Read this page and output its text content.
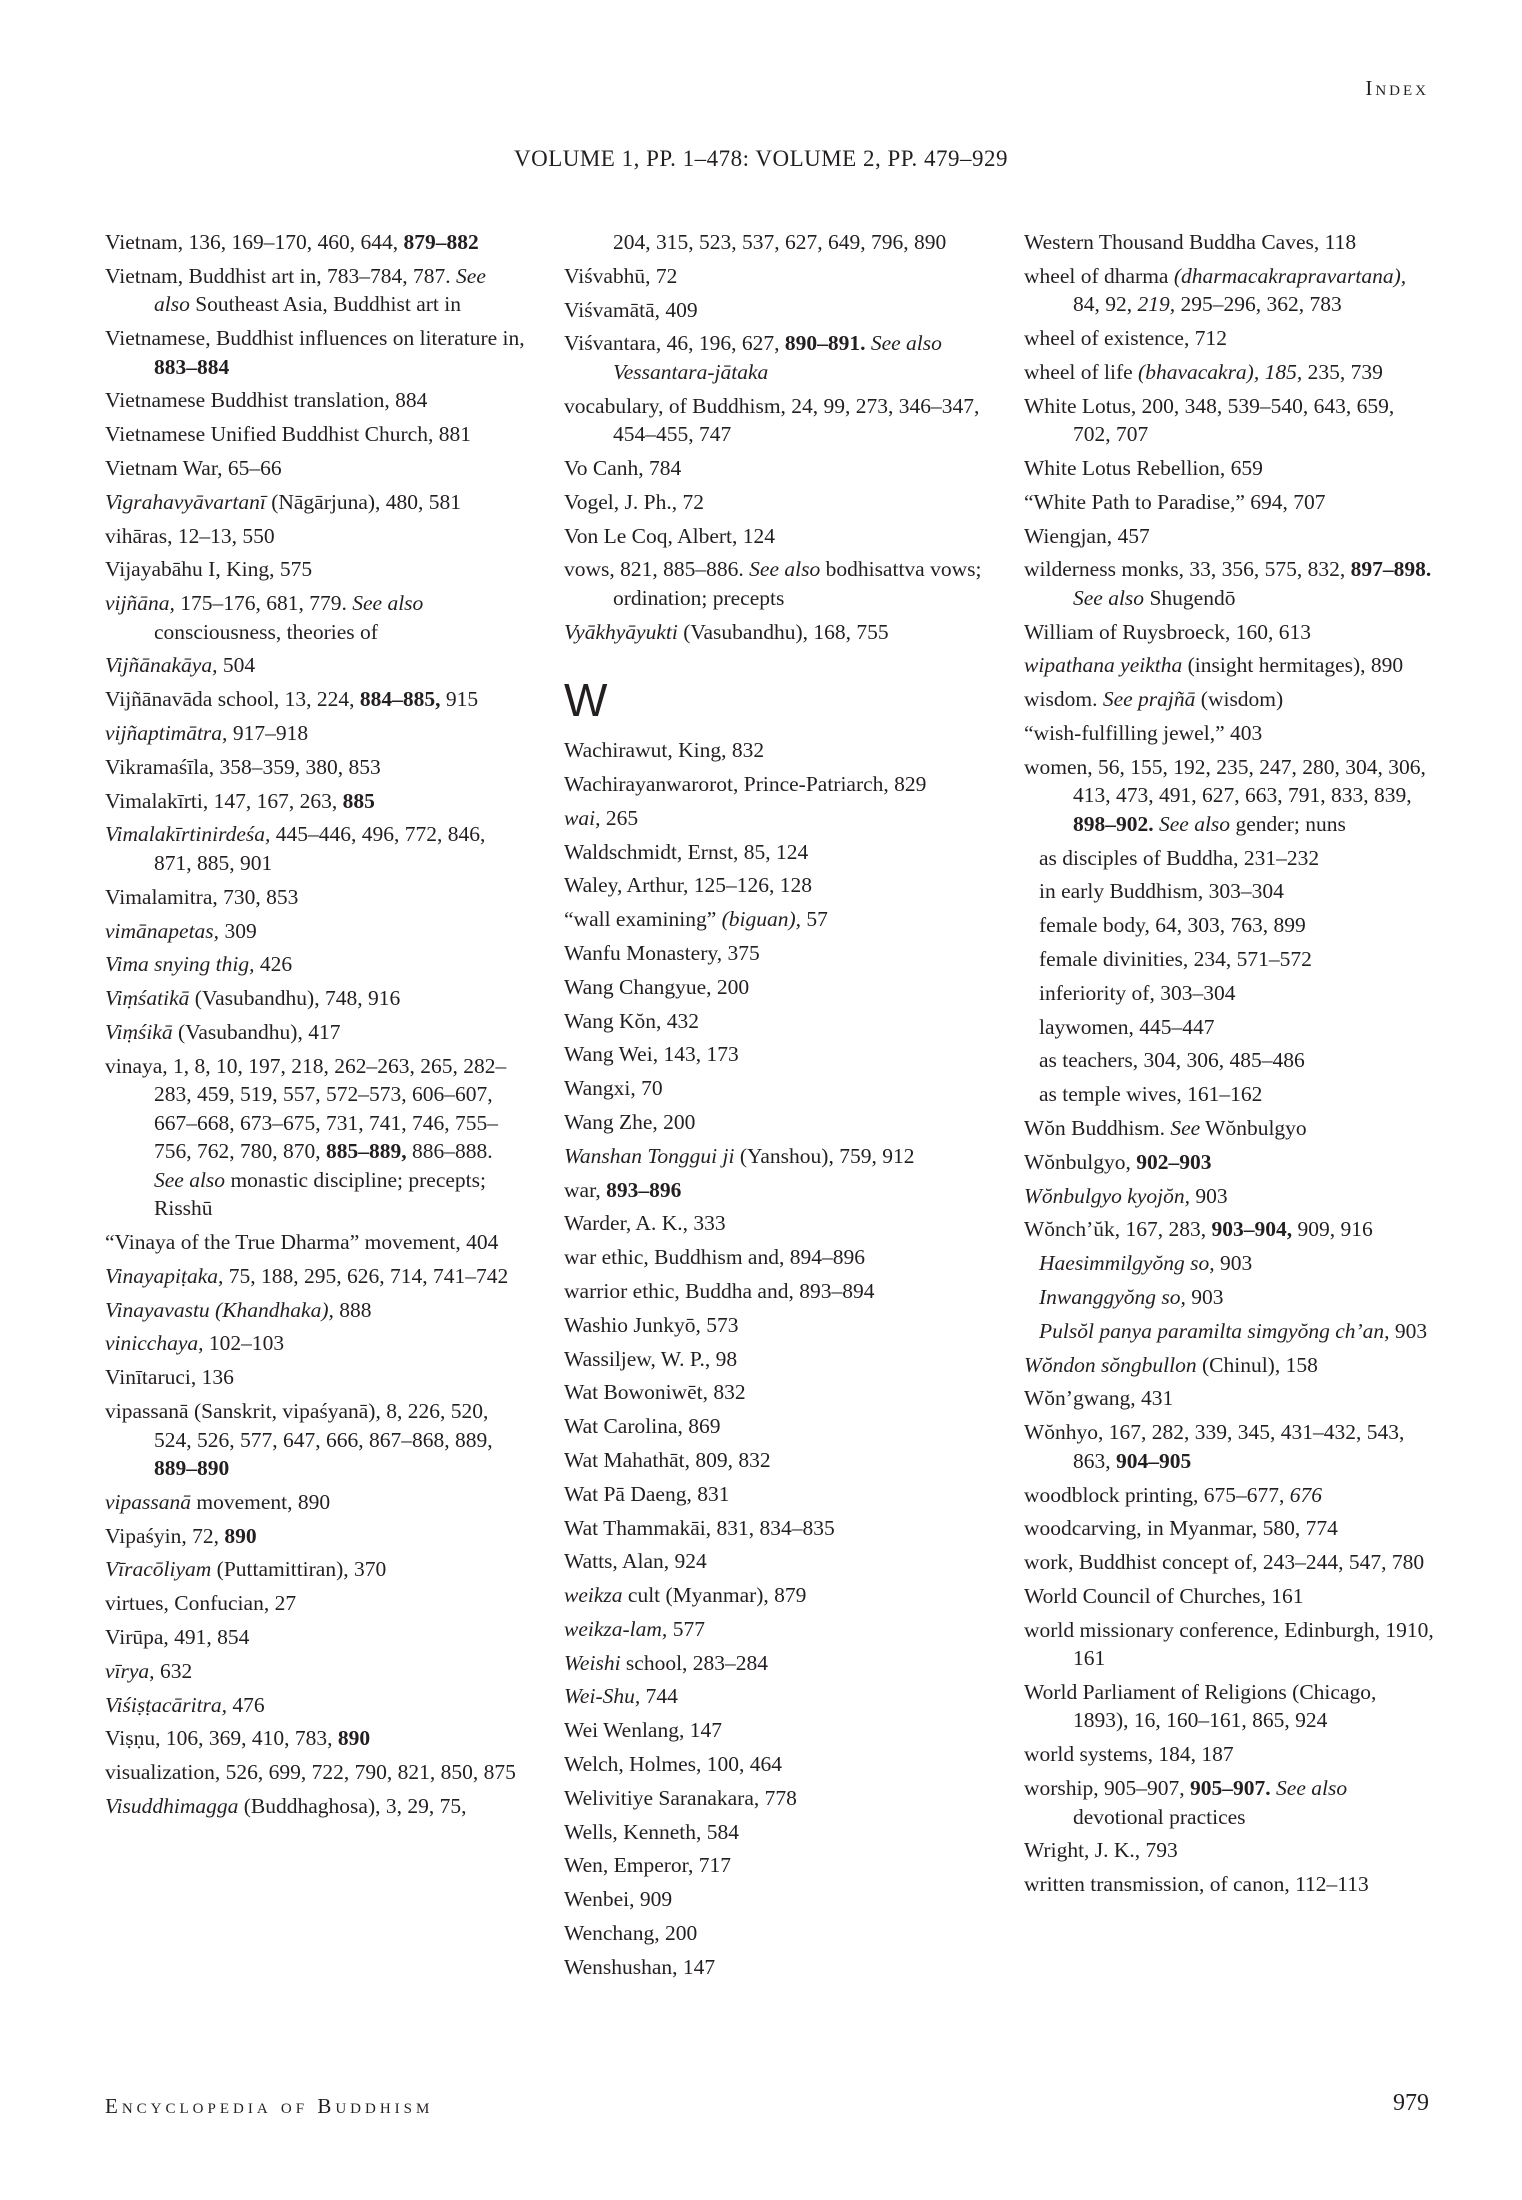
Index
VOLUME 1, PP. 1–478: VOLUME 2, PP. 479–929
Vietnam, 136, 169–170, 460, 644, 879–882
Vietnam, Buddhist art in, 783–784, 787. See also Southeast Asia, Buddhist art in
Vietnamese, Buddhist influences on literature in, 883–884
Vietnamese Buddhist translation, 884
Vietnamese Unified Buddhist Church, 881
Vietnam War, 65–66
Vigrahavyāvartanī (Nāgārjuna), 480, 581
vihāras, 12–13, 550
Vijayabāhu I, King, 575
vijñāna, 175–176, 681, 779. See also consciousness, theories of
Vijñānakāya, 504
Vijñānavāda school, 13, 224, 884–885, 915
vijñaptimātra, 917–918
Vikramaśīla, 358–359, 380, 853
Vimalakīrti, 147, 167, 263, 885
Vimalakīrtinirdeśa, 445–446, 496, 772, 846, 871, 885, 901
Vimalamitra, 730, 853
vimānapetas, 309
Vima snying thig, 426
Viṃśatikā (Vasubandhu), 748, 916
Viṃśikā (Vasubandhu), 417
vinaya, 1, 8, 10, 197, 218, 262–263, 265, 282–283, 459, 519, 557, 572–573, 606–607, 667–668, 673–675, 731, 741, 746, 755–756, 762, 780, 870, 885–889, 886–888. See also monastic discipline; precepts; Risshū
“Vinaya of the True Dharma” movement, 404
Vinayapiṭaka, 75, 188, 295, 626, 714, 741–742
Vinayavastu (Khandhaka), 888
vinicchaya, 102–103
Vinītaruci, 136
vipassanā (Sanskrit, vipaśyanā), 8, 226, 520, 524, 526, 577, 647, 666, 867–868, 889, 889–890
vipassanā movement, 890
Vipaśyin, 72, 890
Vīracōliyam (Puttamittiran), 370
virtues, Confucian, 27
Virūpa, 491, 854
vīrya, 632
Viśiṣṭacāritra, 476
Viṣṇu, 106, 369, 410, 783, 890
visualization, 526, 699, 722, 790, 821, 850, 875
Visuddhimagga (Buddhaghosa), 3, 29, 75,
204, 315, 523, 537, 627, 649, 796, 890
Viśvabhū, 72
Viśvamātā, 409
Viśvantara, 46, 196, 627, 890–891. See also Vessantara-jātaka
vocabulary, of Buddhism, 24, 99, 273, 346–347, 454–455, 747
Vo Canh, 784
Vogel, J. Ph., 72
Von Le Coq, Albert, 124
vows, 821, 885–886. See also bodhisattva vows; ordination; precepts
Vyākhyāyukti (Vasubandhu), 168, 755
W
Wachirawut, King, 832
Wachirayanwarorot, Prince-Patriarch, 829
wai, 265
Waldschmidt, Ernst, 85, 124
Waley, Arthur, 125–126, 128
“wall examining” (biguan), 57
Wanfu Monastery, 375
Wang Changyue, 200
Wang Kŏn, 432
Wang Wei, 143, 173
Wangxi, 70
Wang Zhe, 200
Wanshan Tonggui ji (Yanshou), 759, 912
war, 893–896
Warder, A. K., 333
war ethic, Buddhism and, 894–896
warrior ethic, Buddha and, 893–894
Washio Junkyō, 573
Wassiljew, W. P., 98
Wat Bowoniwēt, 832
Wat Carolina, 869
Wat Mahathāt, 809, 832
Wat Pā Daeng, 831
Wat Thammakāi, 831, 834–835
Watts, Alan, 924
weikza cult (Myanmar), 879
weikza-lam, 577
Weishi school, 283–284
Wei-Shu, 744
Wei Wenlang, 147
Welch, Holmes, 100, 464
Welivitiye Saranakara, 778
Wells, Kenneth, 584
Wen, Emperor, 717
Wenbei, 909
Wenchang, 200
Wenshushan, 147
Western Thousand Buddha Caves, 118
wheel of dharma (dharmacakrapravartana), 84, 92, 219, 295–296, 362, 783
wheel of existence, 712
wheel of life (bhavacakra), 185, 235, 739
White Lotus, 200, 348, 539–540, 643, 659, 702, 707
White Lotus Rebellion, 659
“White Path to Paradise,” 694, 707
Wiengjan, 457
wilderness monks, 33, 356, 575, 832, 897–898. See also Shugendō
William of Ruysbroeck, 160, 613
wipathana yeiktha (insight hermitages), 890
wisdom. See prajñā (wisdom)
“wish-fulfilling jewel,” 403
women, 56, 155, 192, 235, 247, 280, 304, 306, 413, 473, 491, 627, 663, 791, 833, 839, 898–902. See also gender; nuns
as disciples of Buddha, 231–232
in early Buddhism, 303–304
female body, 64, 303, 763, 899
female divinities, 234, 571–572
inferiority of, 303–304
laywomen, 445–447
as teachers, 304, 306, 485–486
as temple wives, 161–162
Wŏn Buddhism. See Wŏnbulgyo
Wŏnbulgyo, 902–903
Wŏnbulgyo kyojŏn, 903
Wŏnch’ŭk, 167, 283, 903–904, 909, 916
Haesimmilgyŏng so, 903
Inwanggyŏng so, 903
Pulsŏl panya paramilta simgyŏng ch’an, 903
Wŏndon sŏngbullon (Chinul), 158
Wŏn’gwang, 431
Wŏnhyo, 167, 282, 339, 345, 431–432, 543, 863, 904–905
woodblock printing, 675–677, 676
woodcarving, in Myanmar, 580, 774
work, Buddhist concept of, 243–244, 547, 780
World Council of Churches, 161
world missionary conference, Edinburgh, 1910, 161
World Parliament of Religions (Chicago, 1893), 16, 160–161, 865, 924
world systems, 184, 187
worship, 905–907, 905–907. See also devotional practices
Wright, J. K., 793
written transmission, of canon, 112–113
Encyclopedia of Buddhism	979
